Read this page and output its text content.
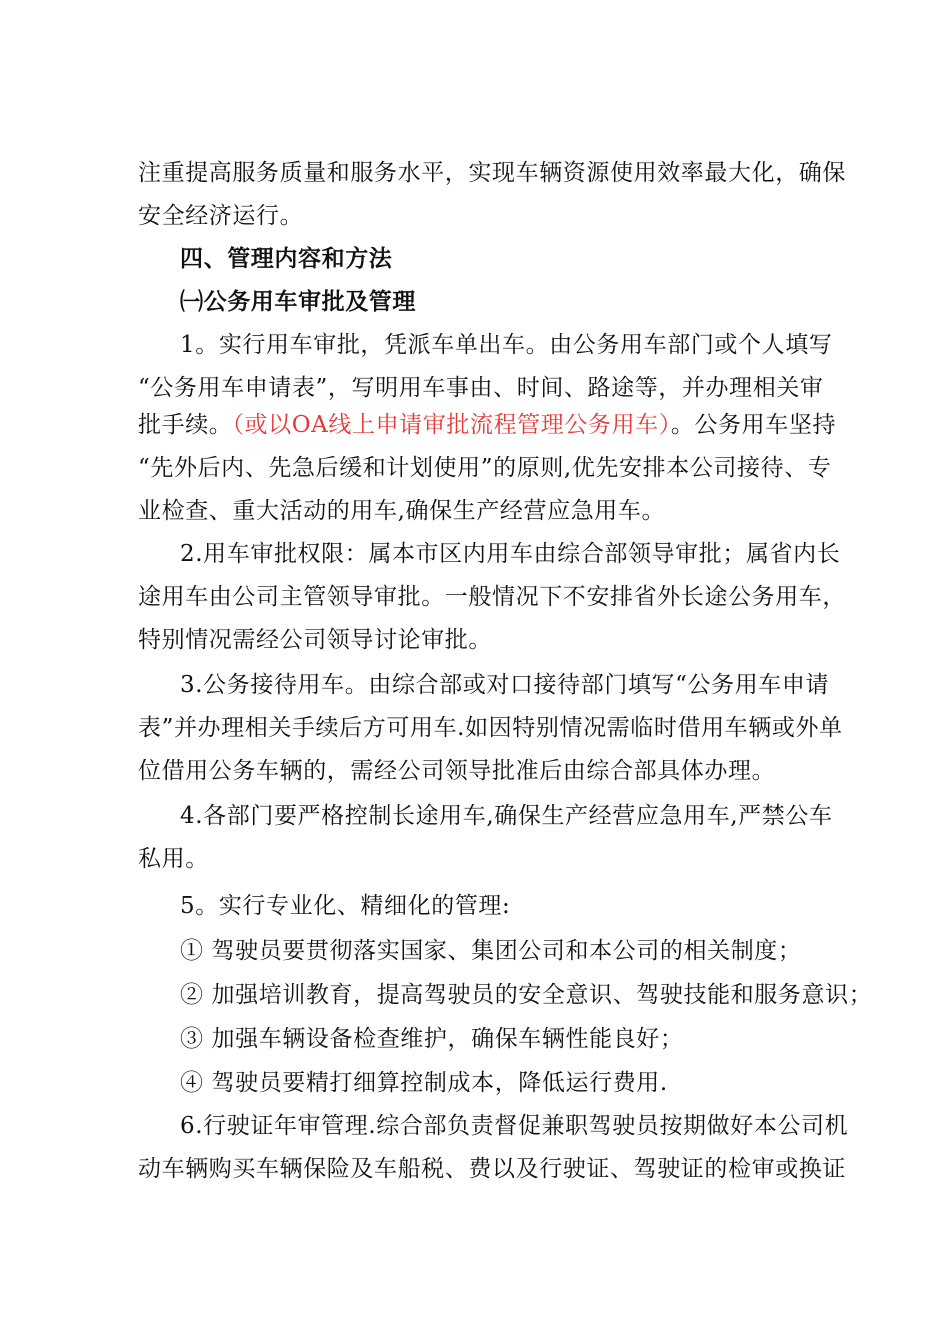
注重提高服务质量和服务水平，实现车辆资源使用效率最大化，确保
安全经济运行。
四、管理内容和方法
㈠公务用车审批及管理
1。实行用车审批，凭派车单出车。由公务用车部门或个人填写
“公务用车申请表”，写明用车事由、时间、路途等，并办理相关审
批手续。（或以OA线上申请审批流程管理公务用车）。公务用车坚持
“先外后内、先急后缓和计划使用”的原则,优先安排本公司接待、专
业检查、重大活动的用车,确保生产经营应急用车。
2.用车审批权限：属本市区内用车由综合部领导审批；属省内长
途用车由公司主管领导审批。一般情况下不安排省外长途公务用车，
特别情况需经公司领导讨论审批。
3.公务接待用车。由综合部或对口接待部门填写“公务用车申请
表”并办理相关手续后方可用车.如因特别情况需临时借用车辆或外单
位借用公务车辆的，需经公司领导批准后由综合部具体办理。
4.各部门要严格控制长途用车,确保生产经营应急用车,严禁公车
私用。
5。实行专业化、精细化的管理:
① 驾驶员要贯彻落实国家、集团公司和本公司的相关制度；
② 加强培训教育，提高驾驶员的安全意识、驾驶技能和服务意识；
③ 加强车辆设备检查维护，确保车辆性能良好；
④ 驾驶员要精打细算控制成本，降低运行费用.
6.行驶证年审管理.综合部负责督促兼职驾驶员按期做好本公司机
动车辆购买车辆保险及车船税、费以及行驶证、驾驶证的检审或换证
